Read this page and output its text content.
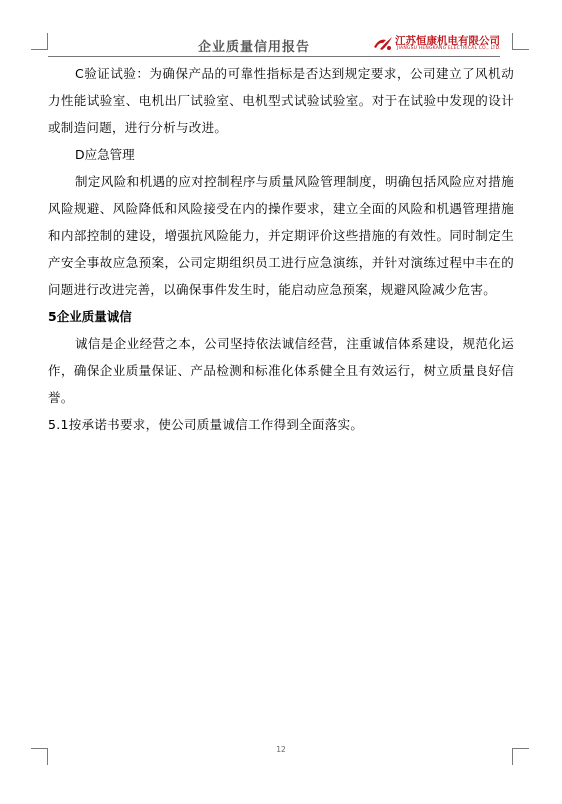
企业质量信用报告	江苏恒康机电有限公司
JIANGSU HENGKANG ELECTRICAL CO., LTD.

C验证试验：为确保产品的可靠性指标是否达到规定要求，公司建立了风机动力性能试验室、电机出厂试验室、电机型式试验试验室。对于在试验中发现的设计或制造问题，进行分析与改进。

D应急管理

制定风险和机遇的应对控制程序与质量风险管理制度，明确包括风险应对措施风险规避、风险降低和风险接受在内的操作要求，建立全面的风险和机遇管理措施和内部控制的建设，增强抗风险能力，并定期评价这些措施的有效性。同时制定生产安全事故应急预案，公司定期组织员工进行应急演练，并针对演练过程中丰在的问题进行改进完善，以确保事件发生时，能启动应急预案，规避风险减少危害。

5企业质量诚信

诚信是企业经营之本，公司坚持依法诚信经营，注重诚信体系建设，规范化运作，确保企业质量保证、产品检测和标准化体系健全且有效运行，树立质量良好信誉。

5.1按承诺书要求，使公司质量诚信工作得到全面落实。

12
